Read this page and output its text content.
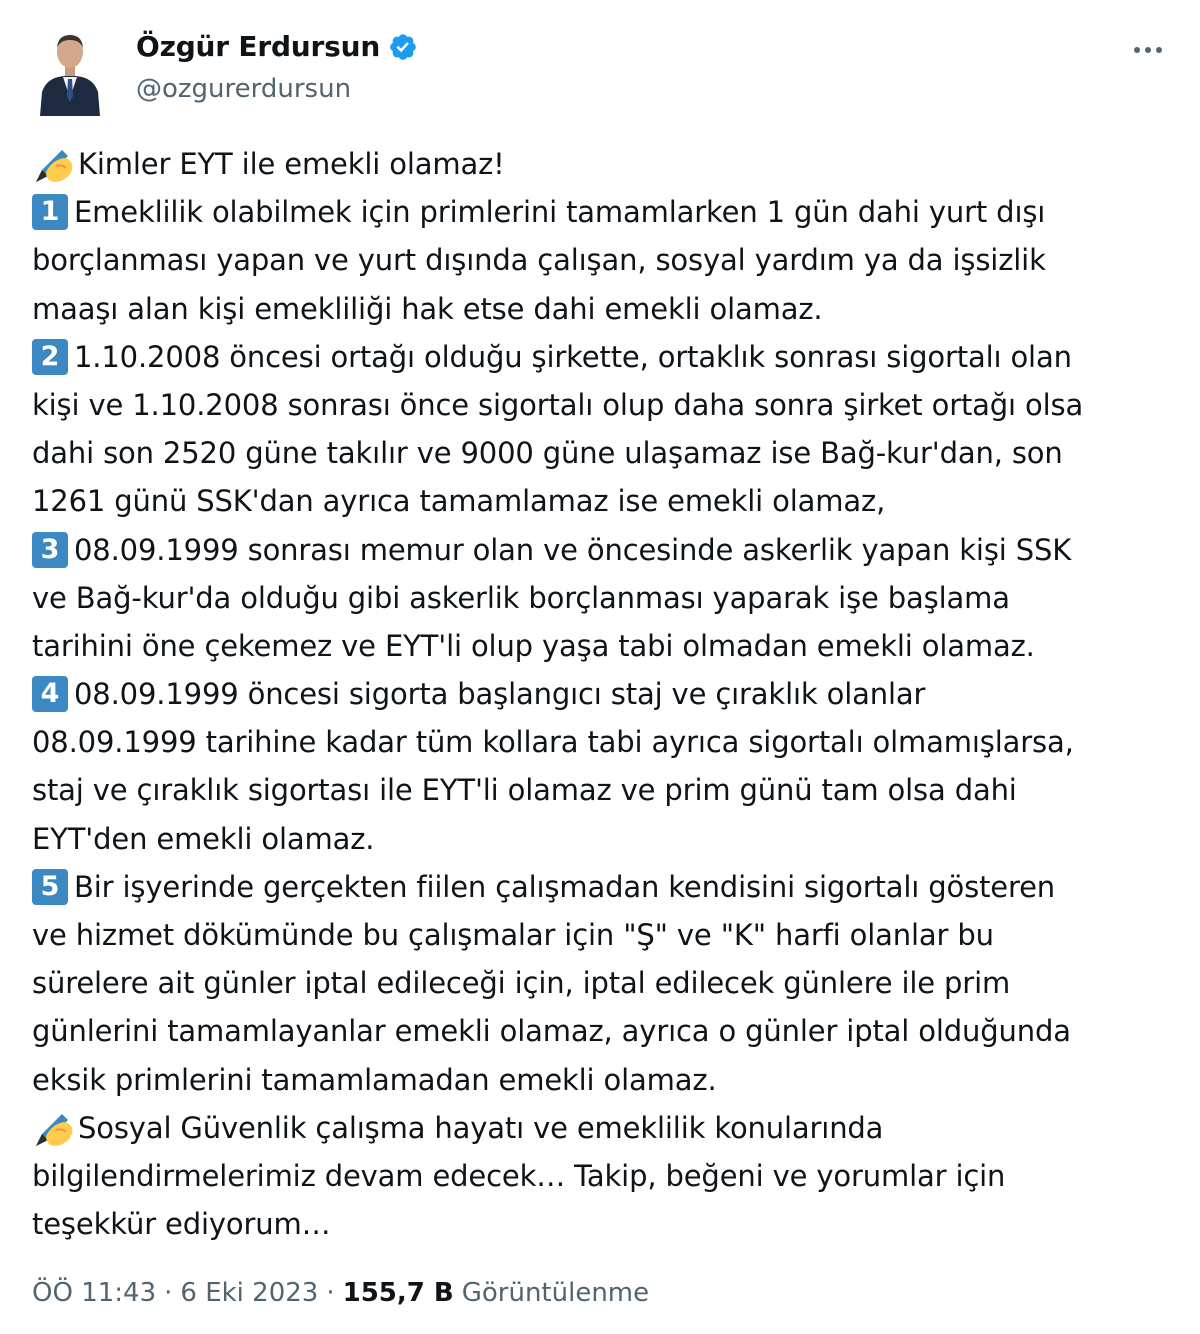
Özgür Erdursun
@ozgurerdursun
Kimler EYT ile emekli olamaz!
1 Emeklilik olabilmek için primlerini tamamlarken 1 gün dahi yurt dışı
borçlanması yapan ve yurt dışında çalışan, sosyal yardım ya da işsizlik
maaşı alan kişi emekliliği hak etse dahi emekli olamaz.
2 1.10.2008 öncesi ortağı olduğu şirkette, ortaklık sonrası sigortalı olan
kişi ve 1.10.2008 sonrası önce sigortalı olup daha sonra şirket ortağı olsa
dahi son 2520 güne takılır ve 9000 güne ulaşamaz ise Bağ-kur'dan, son
1261 günü SSK'dan ayrıca tamamlamaz ise emekli olamaz,
3 08.09.1999 sonrası memur olan ve öncesinde askerlik yapan kişi SSK
ve Bağ-kur'da olduğu gibi askerlik borçlanması yaparak işe başlama
tarihini öne çekemez ve EYT'li olup yaşa tabi olmadan emekli olamaz.
4 08.09.1999 öncesi sigorta başlangıcı staj ve çıraklık olanlar
08.09.1999 tarihine kadar tüm kollara tabi ayrıca sigortalı olmamışlarsa,
staj ve çıraklık sigortası ile EYT'li olamaz ve prim günü tam olsa dahi
EYT'den emekli olamaz.
5 Bir işyerinde gerçekten fiilen çalışmadan kendisini sigortalı gösteren
ve hizmet dökümünde bu çalışmalar için "Ş" ve "K" harfi olanlar bu
sürelere ait günler iptal edileceği için, iptal edilecek günlere ile prim
günlerini tamamlayanlar emekli olamaz, ayrıca o günler iptal olduğunda
eksik primlerini tamamlamadan emekli olamaz.
Sosyal Güvenlik çalışma hayatı ve emeklilik konularında
bilgilendirmelerimiz devam edecek… Takip, beğeni ve yorumlar için
teşekkür ediyorum…
ÖÖ 11:43 · 6 Eki 2023 · 155,7 B Görüntülenme
